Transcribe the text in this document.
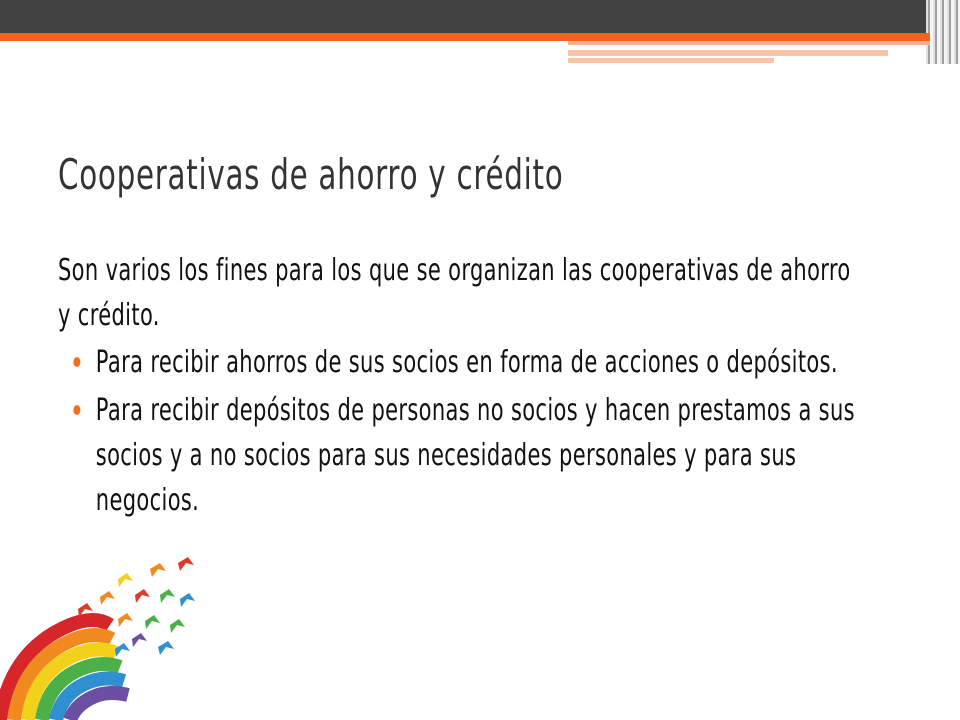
Cooperativas de ahorro y crédito

Son varios los fines para los que se organizan las cooperativas de ahorro y crédito.

Para recibir ahorros de sus socios en forma de acciones o depósitos.
Para recibir depósitos de personas no socios y hacen prestamos a sus socios y a no socios para sus necesidades personales y para sus negocios.
